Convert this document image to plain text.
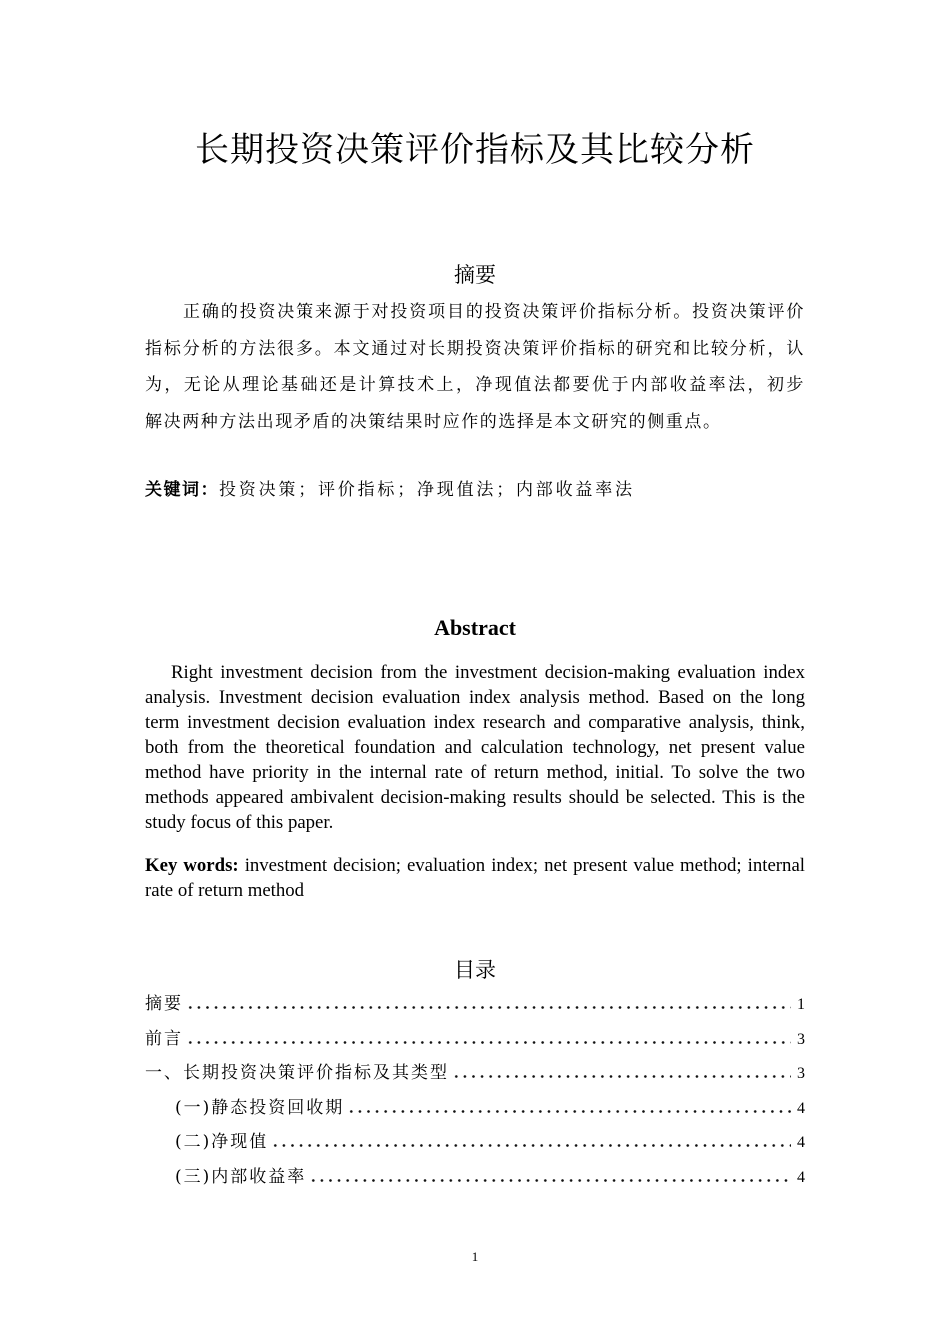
长期投资决策评价指标及其比较分析
摘要
正确的投资决策来源于对投资项目的投资决策评价指标分析。投资决策评价
指标分析的方法很多。本文通过对长期投资决策评价指标的研究和比较分析，认
为，无论从理论基础还是计算技术上，净现值法都要优于内部收益率法，初步
解决两种方法出现矛盾的决策结果时应作的选择是本文研究的侧重点。
关键词：投资决策；评价指标；净现值法；内部收益率法
Abstract
Right investment decision from the investment decision-making evaluation index
analysis. Investment decision evaluation index analysis method. Based on the long
term investment decision evaluation index research and comparative analysis, think,
both from the theoretical foundation and calculation technology, net present value
method have priority in the internal rate of return method, initial. To solve the two
methods appeared ambivalent decision-making results should be selected. This is the
study focus of this paper.
Key words: investment decision; evaluation index; net present value method; internal
rate of return method
目录
摘要	1
前言	3
一、长期投资决策评价指标及其类型	3
(一)静态投资回收期	4
(二)净现值	4
(三)内部收益率	4
1
